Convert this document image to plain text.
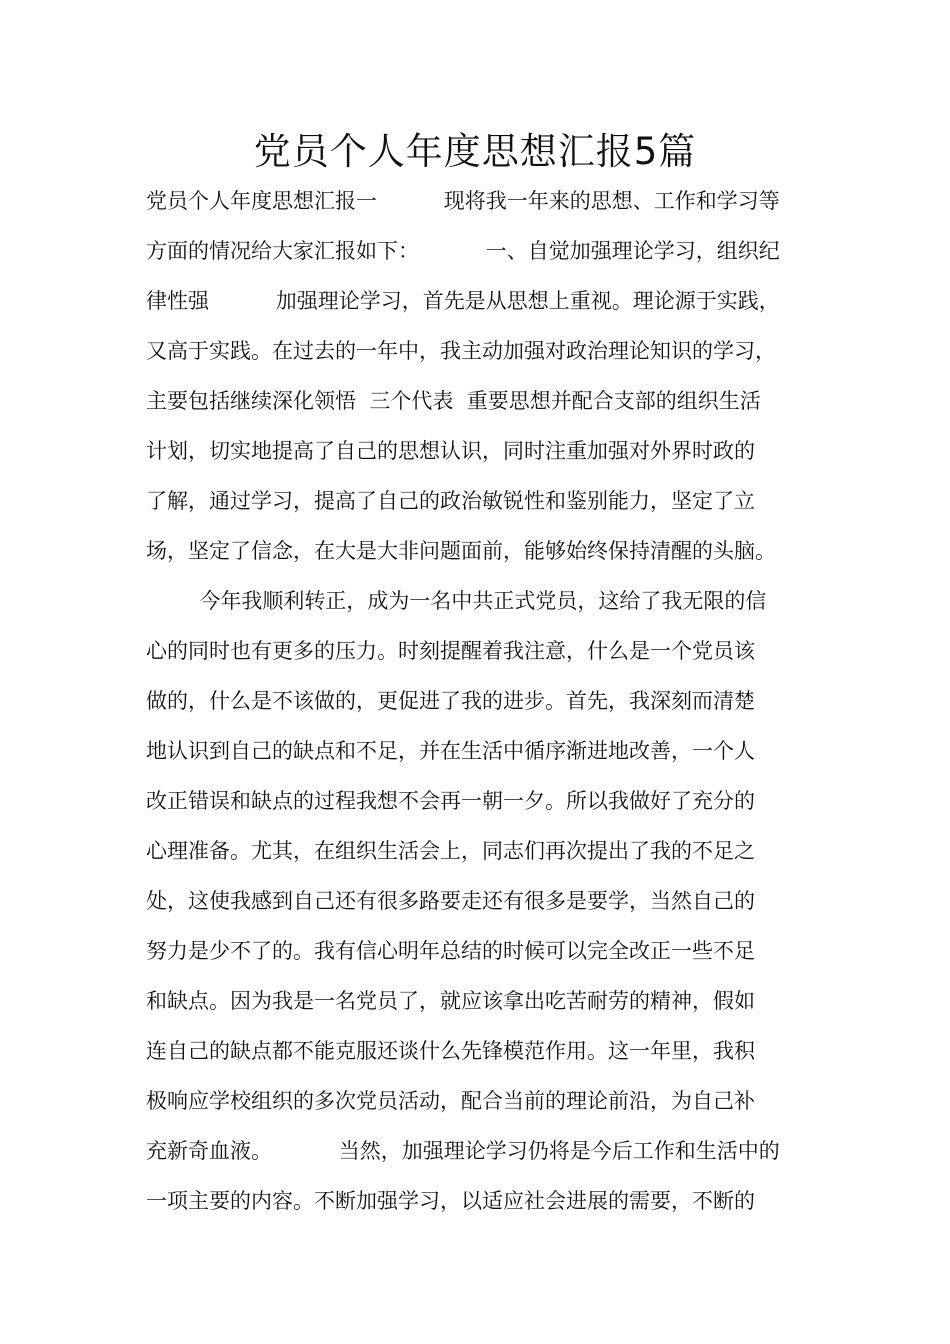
党员个人年度思想汇报5篇
党员个人年度思想汇报一          现将我一年来的思想、工作和学习等
方面的情况给大家汇报如下：          一、自觉加强理论学习，组织纪
律性强          加强理论学习，首先是从思想上重视。理论源于实践，
又高于实践。在过去的一年中，我主动加强对政治理论知识的学习，
主要包括继续深化领悟  三个代表  重要思想并配合支部的组织生活
计划，切实地提高了自己的思想认识，同时注重加强对外界时政的
了解，通过学习，提高了自己的政治敏锐性和鉴别能力，坚定了立
场，坚定了信念，在大是大非问题面前，能够始终保持清醒的头脑。
今年我顺利转正，成为一名中共正式党员，这给了我无限的信
心的同时也有更多的压力。时刻提醒着我注意，什么是一个党员该
做的，什么是不该做的，更促进了我的进步。首先，我深刻而清楚
地认识到自己的缺点和不足，并在生活中循序渐进地改善，一个人
改正错误和缺点的过程我想不会再一朝一夕。所以我做好了充分的
心理准备。尤其，在组织生活会上，同志们再次提出了我的不足之
处，这使我感到自己还有很多路要走还有很多是要学，当然自己的
努力是少不了的。我有信心明年总结的时候可以完全改正一些不足
和缺点。因为我是一名党员了，就应该拿出吃苦耐劳的精神，假如
连自己的缺点都不能克服还谈什么先锋模范作用。这一年里，我积
极响应学校组织的多次党员活动，配合当前的理论前沿，为自己补
充新奇血液。          当然，加强理论学习仍将是今后工作和生活中的
一项主要的内容。不断加强学习，以适应社会进展的需要，不断的
